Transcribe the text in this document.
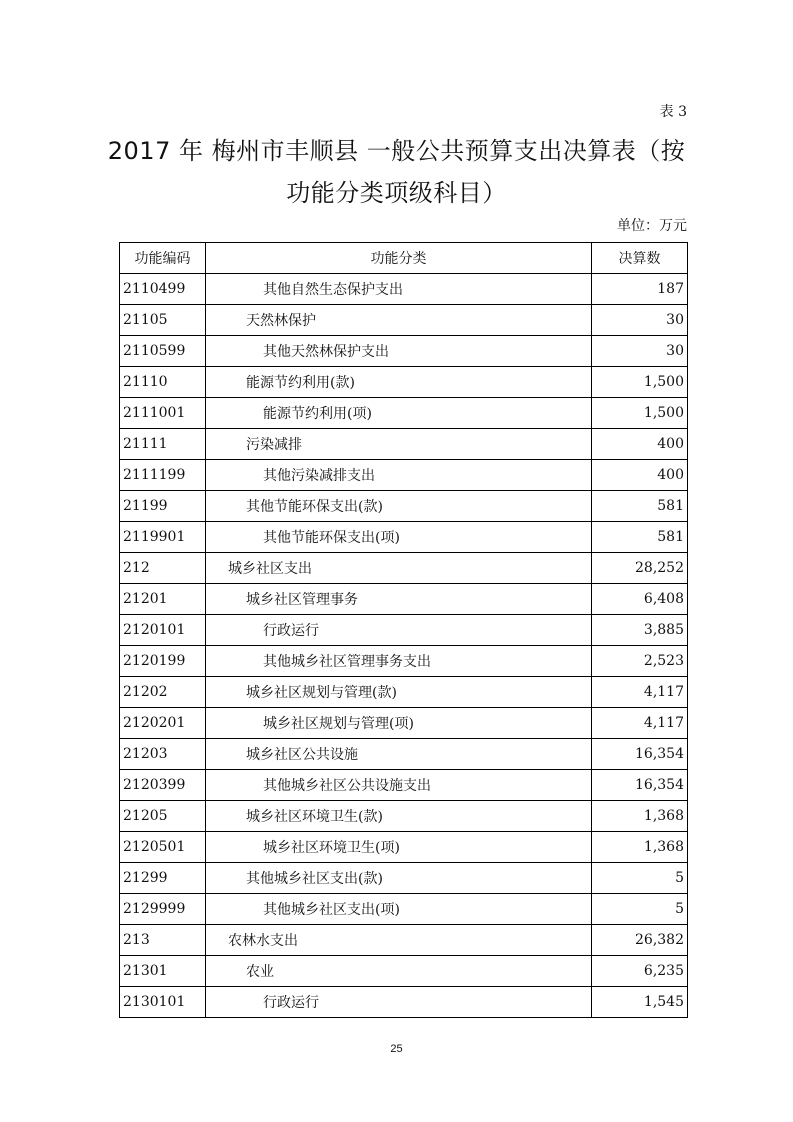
表 3
2017 年 梅州市丰顺县 一般公共预算支出决算表（按
功能分类项级科目）
单位：万元
功能编码	功能分类	决算数
2110499	其他自然生态保护支出	187
21105	天然林保护	30
2110599	其他天然林保护支出	30
21110	能源节约利用(款)	1,500
2111001	能源节约利用(项)	1,500
21111	污染减排	400
2111199	其他污染减排支出	400
21199	其他节能环保支出(款)	581
2119901	其他节能环保支出(项)	581
212	城乡社区支出	28,252
21201	城乡社区管理事务	6,408
2120101	行政运行	3,885
2120199	其他城乡社区管理事务支出	2,523
21202	城乡社区规划与管理(款)	4,117
2120201	城乡社区规划与管理(项)	4,117
21203	城乡社区公共设施	16,354
2120399	其他城乡社区公共设施支出	16,354
21205	城乡社区环境卫生(款)	1,368
2120501	城乡社区环境卫生(项)	1,368
21299	其他城乡社区支出(款)	5
2129999	其他城乡社区支出(项)	5
213	农林水支出	26,382
21301	农业	6,235
2130101	行政运行	1,545
25
